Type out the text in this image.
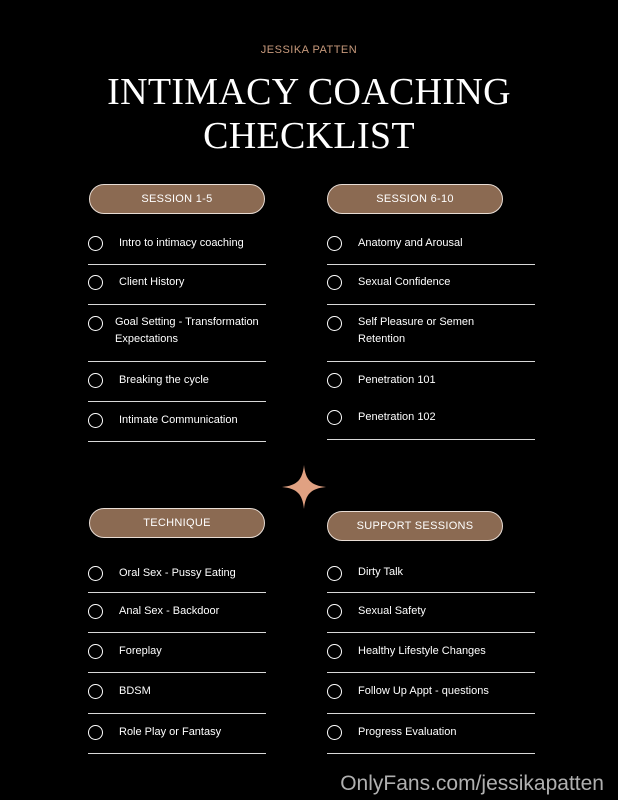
JESSIKA PATTEN
INTIMACY COACHING
CHECKLIST
SESSION 1-5
Intro to intimacy coaching
Client History
Goal Setting - Transformation Expectations
Breaking the cycle
Intimate Communication
SESSION 6-10
Anatomy and Arousal
Sexual Confidence
Self Pleasure or Semen Retention
Penetration 101
Penetration 102
TECHNIQUE
Oral Sex - Pussy Eating
Anal Sex - Backdoor
Foreplay
BDSM
Role Play or Fantasy
SUPPORT SESSIONS
Dirty Talk
Sexual Safety
Healthy Lifestyle Changes
Follow Up Appt - questions
Progress Evaluation
OnlyFans.com/jessikapatten
